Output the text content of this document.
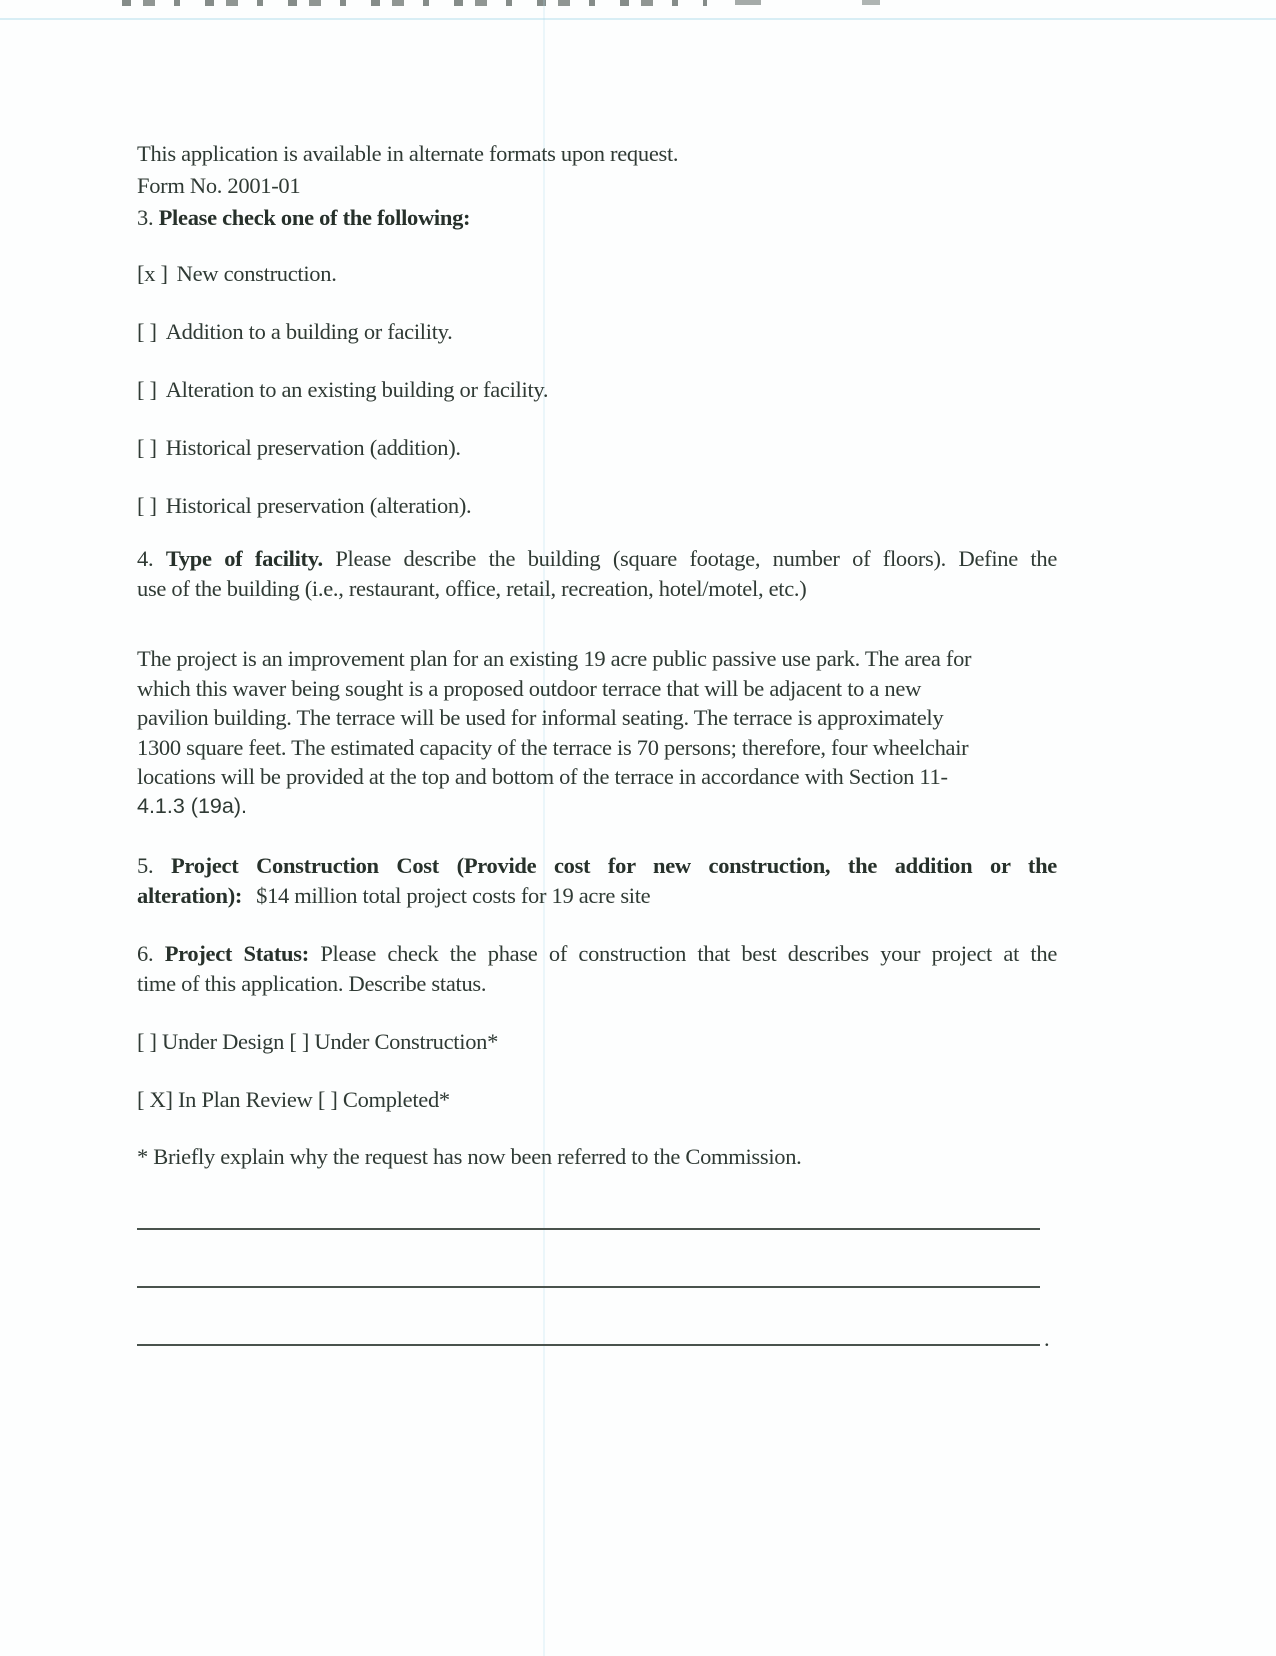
This application is available in alternate formats upon request.
Form No. 2001-01
3. Please check one of the following:
[x ] New construction.
[ ] Addition to a building or facility.
[ ] Alteration to an existing building or facility.
[ ] Historical preservation (addition).
[ ] Historical preservation (alteration).
4. Type of facility. Please describe the building (square footage, number of floors). Define the
use of the building (i.e., restaurant, office, retail, recreation, hotel/motel, etc.)
The project is an improvement plan for an existing 19 acre public passive use park. The area for
which this waver being sought is a proposed outdoor terrace that will be adjacent to a new
pavilion building. The terrace will be used for informal seating. The terrace is approximately
1300 square feet. The estimated capacity of the terrace is 70 persons; therefore, four wheelchair
locations will be provided at the top and bottom of the terrace in accordance with Section 11-
4.1.3 (19a).
5. Project Construction Cost (Provide cost for new construction, the addition or the
alteration): $14 million total project costs for 19 acre site
6. Project Status: Please check the phase of construction that best describes your project at the
time of this application. Describe status.
[ ] Under Design [ ] Under Construction*
[ X] In Plan Review [ ] Completed*
* Briefly explain why the request has now been referred to the Commission.
.
